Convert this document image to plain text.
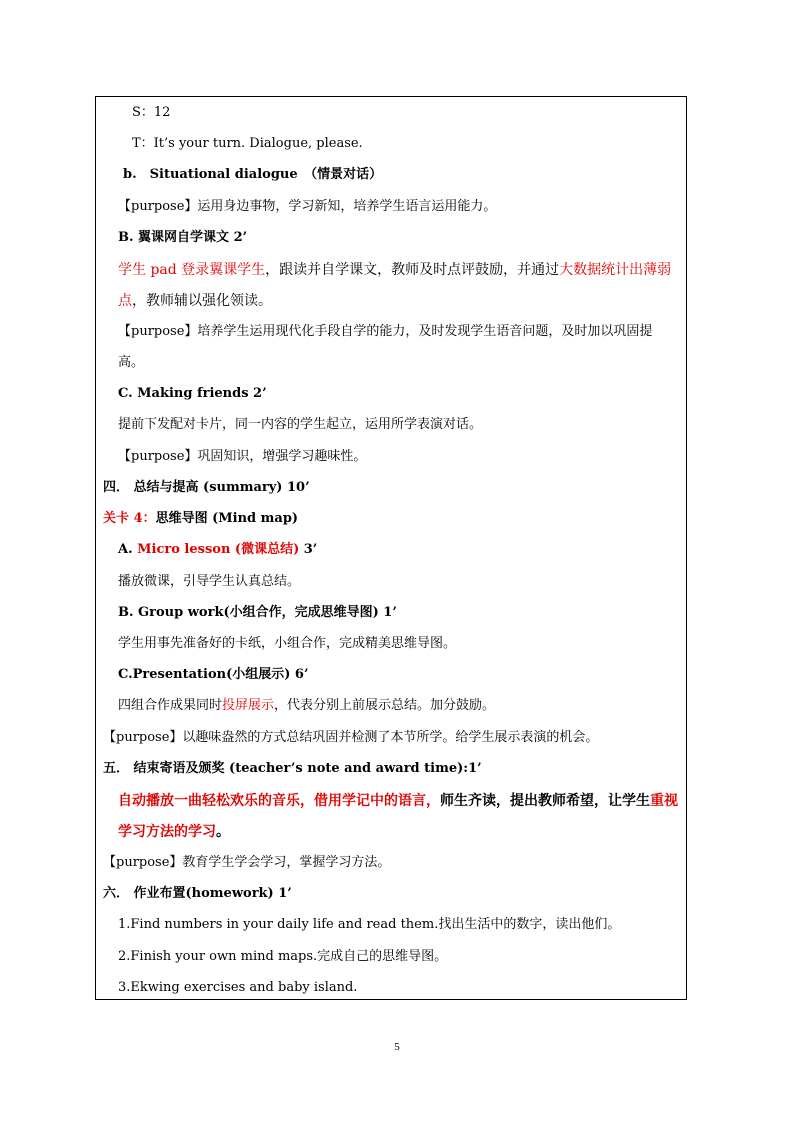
S：12
T：It’s your turn. Dialogue, please.
b.　Situational dialogue　（情景对话）
【purpose】运用身边事物，学习新知，培养学生语言运用能力。
B. 翼课网自学课文 2’
学生 pad 登录翼课学生，跟读并自学课文，教师及时点评鼓励，并通过大数据统计出薄弱
点，教师辅以强化领读。
【purpose】培养学生运用现代化手段自学的能力，及时发现学生语音问题，及时加以巩固提
高。
C. Making friends 2’
提前下发配对卡片，同一内容的学生起立，运用所学表演对话。
【purpose】巩固知识，增强学习趣味性。
四． 总结与提高 (summary) 10’
关卡 4：思维导图 (Mind map)
A. Micro lesson (微课总结) 3’
播放微课，引导学生认真总结。
B. Group work(小组合作，完成思维导图) 1’
学生用事先准备好的卡纸，小组合作，完成精美思维导图。
C.Presentation(小组展示) 6’
四组合作成果同时投屏展示，代表分别上前展示总结。加分鼓励。
【purpose】以趣味盎然的方式总结巩固并检测了本节所学。给学生展示表演的机会。
五． 结束寄语及颁奖 (teacher’s note and award time):1’
自动播放一曲轻松欢乐的音乐，借用学记中的语言，师生齐读，提出教师希望，让学生重视
学习方法的学习。
【purpose】教育学生学会学习，掌握学习方法。
六． 作业布置(homework) 1’
1.Find numbers in your daily life and read them.找出生活中的数字，读出他们。
2.Finish your own mind maps.完成自己的思维导图。
3.Ekwing exercises and baby island.
5
